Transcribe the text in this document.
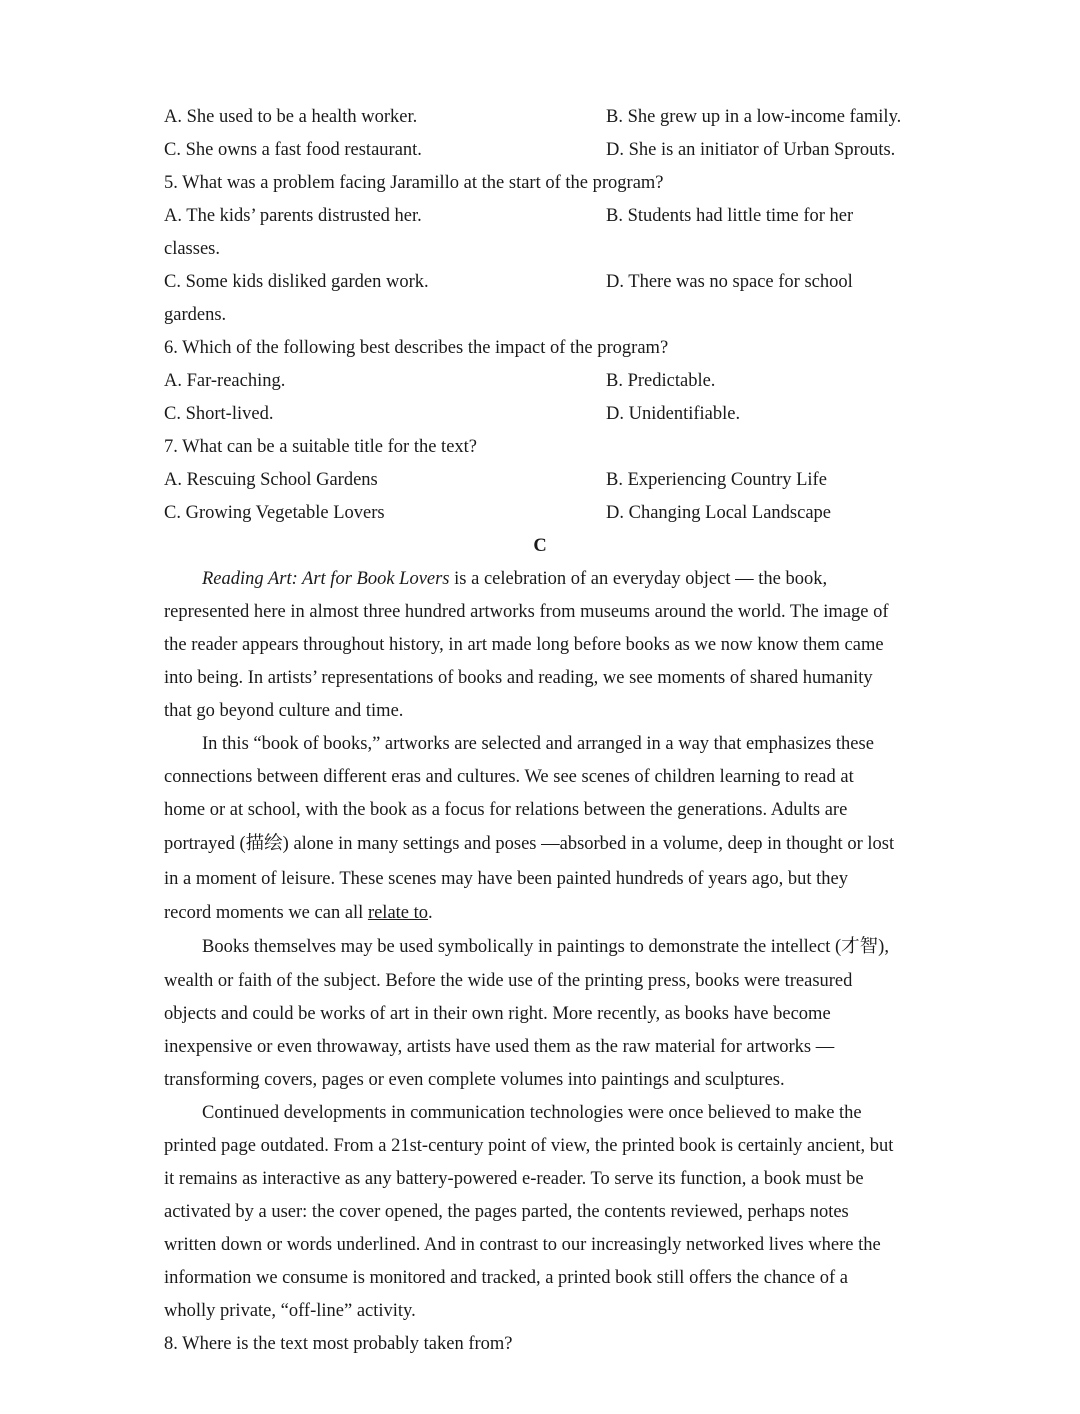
A. She used to be a health worker.	B. She grew up in a low-income family.
C. She owns a fast food restaurant.	D. She is an initiator of Urban Sprouts.
5. What was a problem facing Jaramillo at the start of the program?
A. The kids’ parents distrusted her.	B. Students had little time for her
classes.
C. Some kids disliked garden work.	D. There was no space for school
gardens.
6. Which of the following best describes the impact of the program?
A. Far-reaching.	B. Predictable.
C. Short-lived.	D. Unidentifiable.
7. What can be a suitable title for the text?
A. Rescuing School Gardens	B. Experiencing Country Life
C. Growing Vegetable Lovers	D. Changing Local Landscape
C
Reading Art: Art for Book Lovers is a celebration of an everyday object — the book,
represented here in almost three hundred artworks from museums around the world. The image of
the reader appears throughout history, in art made long before books as we now know them came
into being. In artists’ representations of books and reading, we see moments of shared humanity
that go beyond culture and time.
In this “book of books,” artworks are selected and arranged in a way that emphasizes these
connections between different eras and cultures. We see scenes of children learning to read at
home or at school, with the book as a focus for relations between the generations. Adults are
portrayed (描绘) alone in many settings and poses —absorbed in a volume, deep in thought or lost
in a moment of leisure. These scenes may have been painted hundreds of years ago, but they
record moments we can all relate to.
Books themselves may be used symbolically in paintings to demonstrate the intellect (才智),
wealth or faith of the subject. Before the wide use of the printing press, books were treasured
objects and could be works of art in their own right. More recently, as books have become
inexpensive or even throwaway, artists have used them as the raw material for artworks —
transforming covers, pages or even complete volumes into paintings and sculptures.
Continued developments in communication technologies were once believed to make the
printed page outdated. From a 21st-century point of view, the printed book is certainly ancient, but
it remains as interactive as any battery-powered e-reader. To serve its function, a book must be
activated by a user: the cover opened, the pages parted, the contents reviewed, perhaps notes
written down or words underlined. And in contrast to our increasingly networked lives where the
information we consume is monitored and tracked, a printed book still offers the chance of a
wholly private, “off-line” activity.
8. Where is the text most probably taken from?
